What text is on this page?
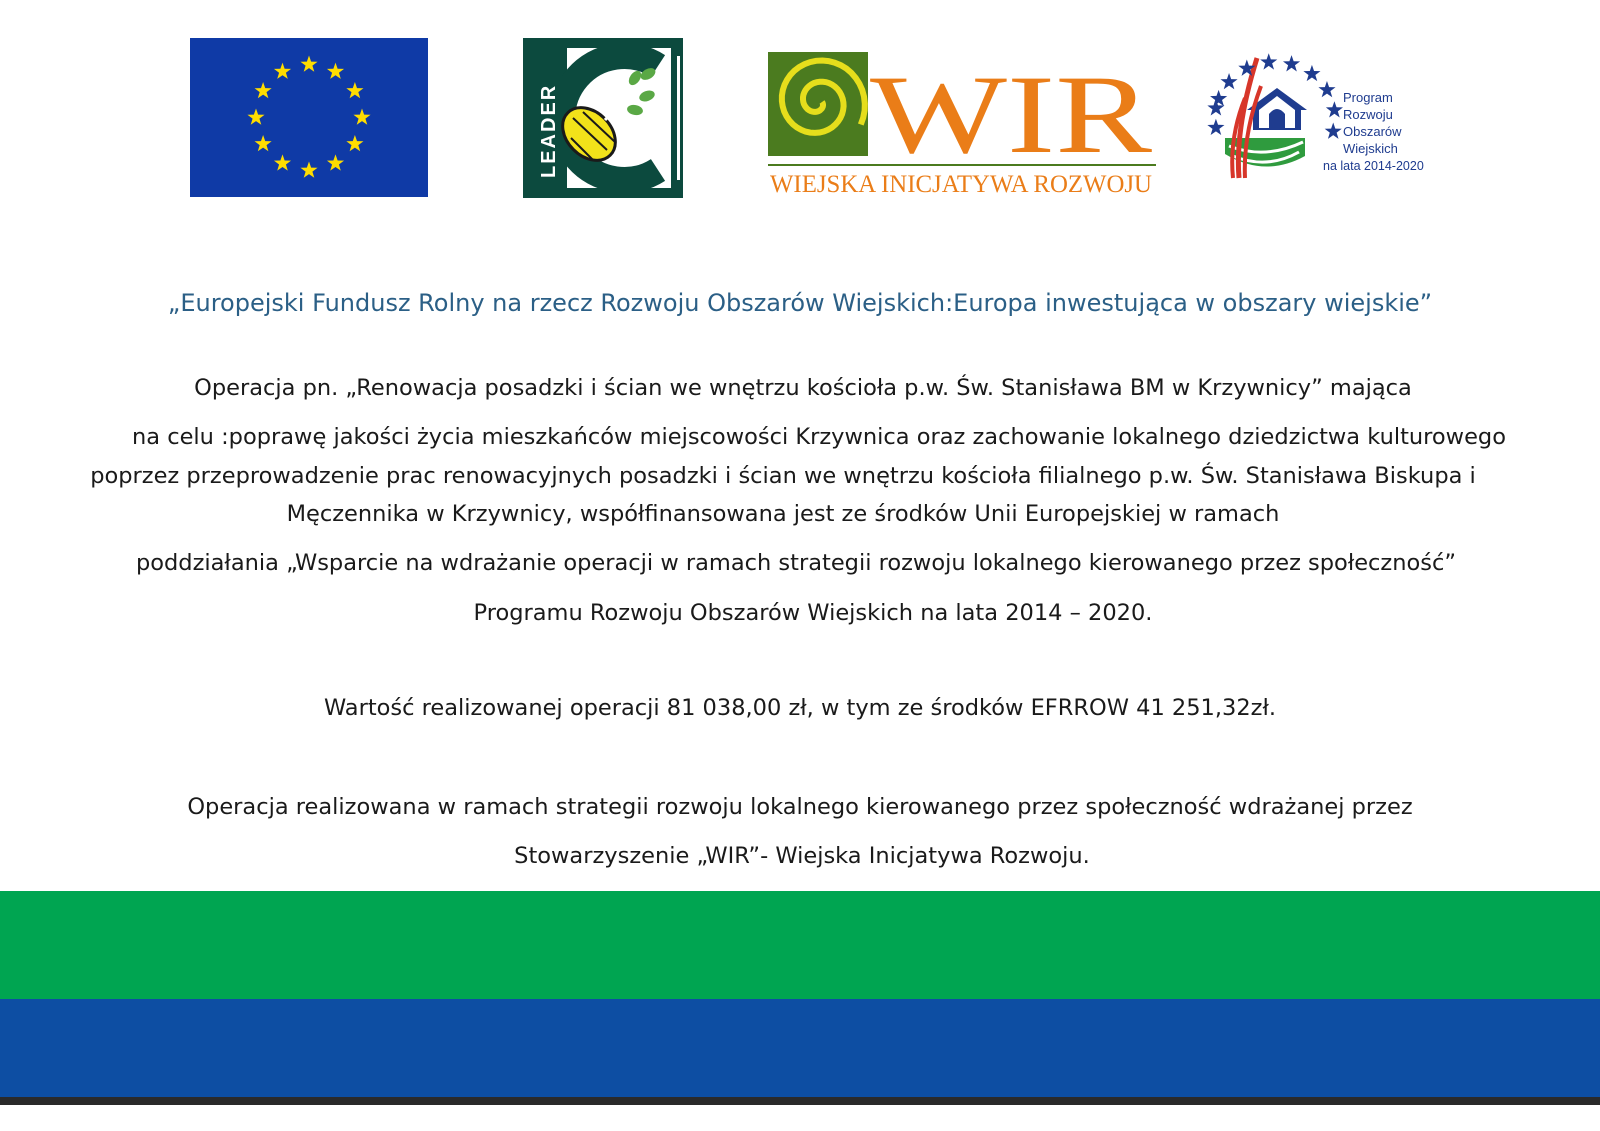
LEADER	WIR
WIEJSKA INICJATYWA ROZWOJU
Program
Rozwoju
Obszarów
Wiejskich
na lata 2014-2020
„Europejski Fundusz Rolny na rzecz Rozwoju Obszarów Wiejskich:Europa inwestująca w obszary wiejskie”
Operacja pn. „Renowacja posadzki i ścian we wnętrzu kościoła p.w. Św. Stanisława BM w Krzywnicy” mająca
na celu :poprawę jakości życia mieszkańców miejscowości Krzywnica oraz zachowanie lokalnego dziedzictwa kulturowego
poprzez przeprowadzenie prac renowacyjnych posadzki i ścian we wnętrzu kościoła filialnego p.w. Św. Stanisława Biskupa i
Męczennika w Krzywnicy, współfinansowana jest ze środków Unii Europejskiej w ramach
poddziałania „Wsparcie na wdrażanie operacji w ramach strategii rozwoju lokalnego kierowanego przez społeczność”
Programu Rozwoju Obszarów Wiejskich na lata 2014 – 2020.
Wartość realizowanej operacji 81 038,00 zł, w tym ze środków EFRROW 41 251,32zł.
Operacja realizowana w ramach strategii rozwoju lokalnego kierowanego przez społeczność wdrażanej przez
Stowarzyszenie „WIR”- Wiejska Inicjatywa Rozwoju.
